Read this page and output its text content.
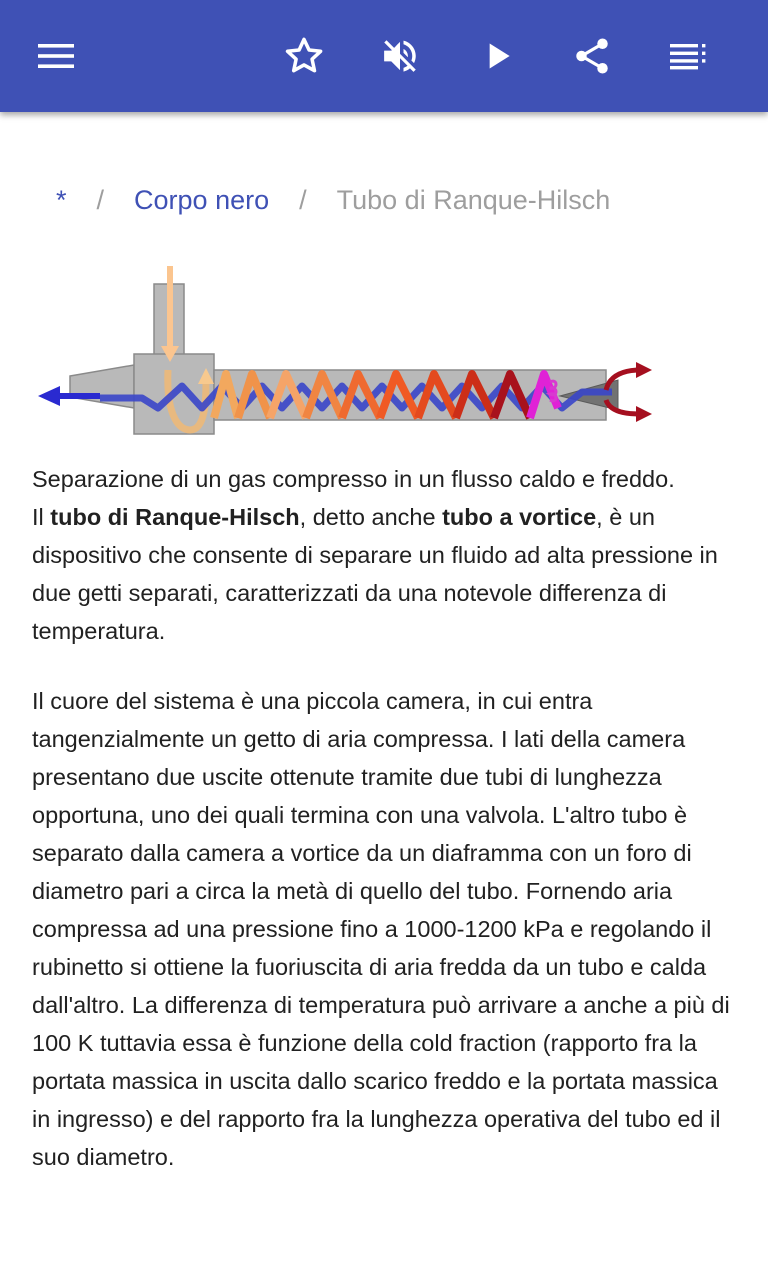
* / Corpo nero / Tubo di Ranque-Hilsch

Separazione di un gas compresso in un flusso caldo e freddo.

Il tubo di Ranque-Hilsch, detto anche tubo a vortice, è un dispositivo che consente di separare un fluido ad alta pressione in due getti separati, caratterizzati da una notevole differenza di temperatura.

Il cuore del sistema è una piccola camera, in cui entra tangenzialmente un getto di aria compressa. I lati della camera presentano due uscite ottenute tramite due tubi di lunghezza opportuna, uno dei quali termina con una valvola. L'altro tubo è separato dalla camera a vortice da un diaframma con un foro di diametro pari a circa la metà di quello del tubo. Fornendo aria compressa ad una pressione fino a 1000-1200 kPa e regolando il rubinetto si ottiene la fuoriuscita di aria fredda da un tubo e calda dall'altro. La differenza di temperatura può arrivare a anche a più di 100 K tuttavia essa è funzione della cold fraction (rapporto fra la portata massica in uscita dallo scarico freddo e la portata massica in ingresso) e del rapporto fra la lunghezza operativa del tubo ed il suo diametro.
